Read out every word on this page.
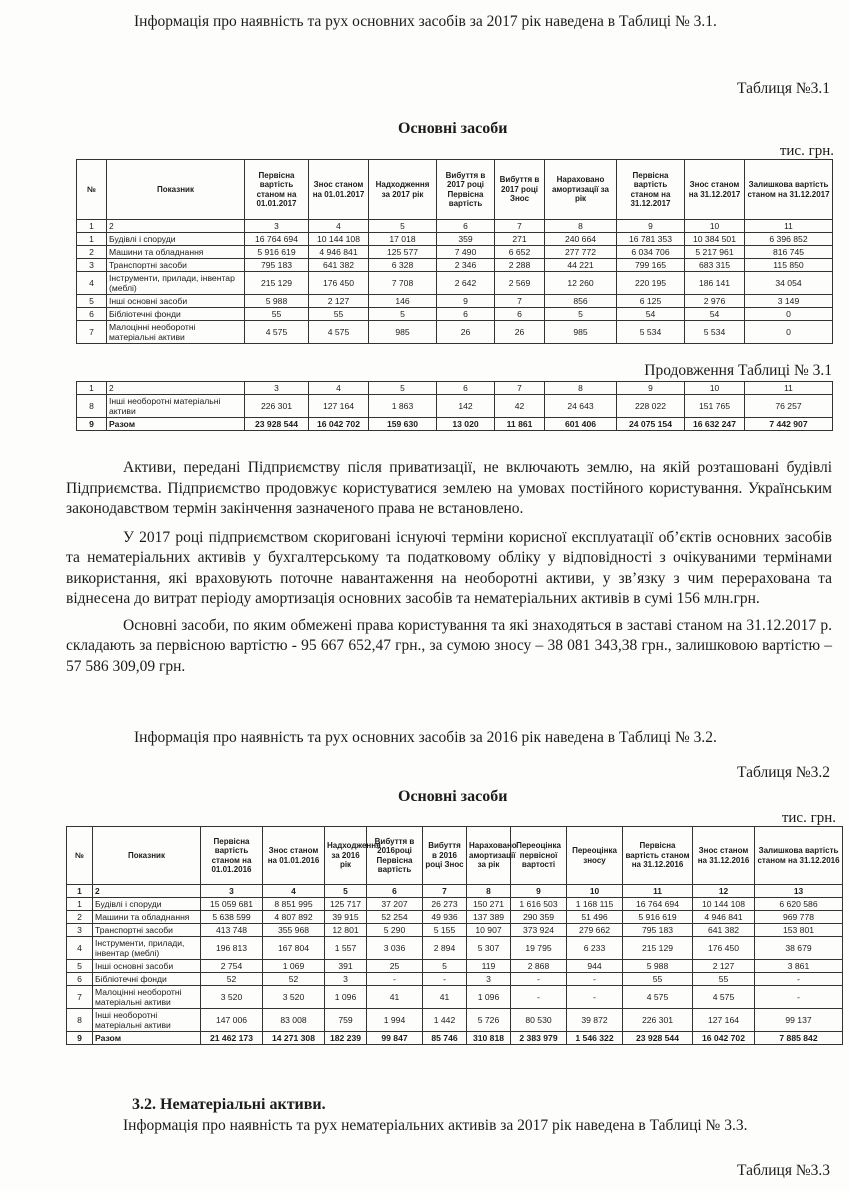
Інформація про наявність та рух основних засобів за 2017 рік наведена в Таблиці № 3.1.
Таблиця №3.1
Основні засоби
тис. грн.
№	Показник	Первісна вартість станом на 01.01.2017	Знос станом на 01.01.2017	Надходження за 2017 рік	Вибуття в 2017 році Первісна вартість	Вибуття в 2017 році Знос	Нараховано амортизації за рік	Первісна вартість станом на 31.12.2017	Знос станом на 31.12.2017	Залишкова вартість станом на 31.12.2017
1	2	3	4	5	6	7	8	9	10	11
1	Будівлі і споруди	16 764 694	10 144 108	17 018	359	271	240 664	16 781 353	10 384 501	6 396 852
2	Машини та обладнання	5 916 619	4 946 841	125 577	7 490	6 652	277 772	6 034 706	5 217 961	816 745
3	Транспортні засоби	795 183	641 382	6 328	2 346	2 288	44 221	799 165	683 315	115 850
4	Інструменти, прилади, інвентар (меблі)	215 129	176 450	7 708	2 642	2 569	12 260	220 195	186 141	34 054
5	Інші основні засоби	5 988	2 127	146	9	7	856	6 125	2 976	3 149
6	Бібліотечні фонди	55	55	5	6	6	5	54	54	0
7	Малоцінні необоротні матеріальні активи	4 575	4 575	985	26	26	985	5 534	5 534	0
Продовження Таблиці № 3.1
1	2	3	4	5	6	7	8	9	10	11
8	Інші необоротні матеріальні активи	226 301	127 164	1 863	142	42	24 643	228 022	151 765	76 257
9	Разом	23 928 544	16 042 702	159 630	13 020	11 861	601 406	24 075 154	16 632 247	7 442 907

Активи, передані Підприємству після приватизації, не включають землю, на якій розташовані будівлі Підприємства. Підприємство продовжує користуватися землею на умовах постійного користування. Українським законодавством термін закінчення зазначеного права не встановлено.

У 2017 році підприємством скориговані існуючі терміни корисної експлуатації об’єктів основних засобів та нематеріальних активів у бухгалтерському та податковому обліку у відповідності з очікуваними термінами використання, які враховують поточне навантаження на необоротні активи, у зв’язку з чим перерахована та віднесена до витрат періоду амортизація основних засобів та нематеріальних активів в сумі 156 млн.грн.

Основні засоби, по яким обмежені права користування та які знаходяться в заставі станом на 31.12.2017 р. складають за первісною вартістю - 95 667 652,47 грн., за сумою зносу – 38 081 343,38 грн., залишковою вартістю – 57 586 309,09 грн.

Інформація про наявність та рух основних засобів за 2016 рік наведена в Таблиці № 3.2.
Таблиця №3.2
Основні засоби
тис. грн.
№	Показник	Первісна вартість станом на 01.01.2016	Знос станом на 01.01.2016	Надходження за 2016 рік	Вибуття в 2016році Первісна вартість	Вибуття в 2016 році Знос	Нараховано амортизації за рік	Переоцінка первісної вартості	Переоцінка зносу	Первісна вартість станом на 31.12.2016	Знос станом на 31.12.2016	Залишкова вартість станом на 31.12.2016
1	2	3	4	5	6	7	8	9	10	11	12	13
1	Будівлі і споруди	15 059 681	8 851 995	125 717	37 207	26 273	150 271	1 616 503	1 168 115	16 764 694	10 144 108	6 620 586
2	Машини та обладнання	5 638 599	4 807 892	39 915	52 254	49 936	137 389	290 359	51 496	5 916 619	4 946 841	969 778
3	Транспортні засоби	413 748	355 968	12 801	5 290	5 155	10 907	373 924	279 662	795 183	641 382	153 801
4	Інструменти, прилади, інвентар (меблі)	196 813	167 804	1 557	3 036	2 894	5 307	19 795	6 233	215 129	176 450	38 679
5	Інші основні засоби	2 754	1 069	391	25	5	119	2 868	944	5 988	2 127	3 861
6	Бібліотечні фонди	52	52	3	-	-	3	-	-	55	55	-
7	Малоцінні необоротні матеріальні активи	3 520	3 520	1 096	41	41	1 096	-	-	4 575	4 575	-
8	Інші необоротні матеріальні активи	147 006	83 008	759	1 994	1 442	5 726	80 530	39 872	226 301	127 164	99 137
9	Разом	21 462 173	14 271 308	182 239	99 847	85 746	310 818	2 383 979	1 546 322	23 928 544	16 042 702	7 885 842
3.2. Нематеріальні активи.

Інформація про наявність та рух нематеріальних активів за 2017 рік наведена в Таблиці № 3.3.

Таблиця №3.3
